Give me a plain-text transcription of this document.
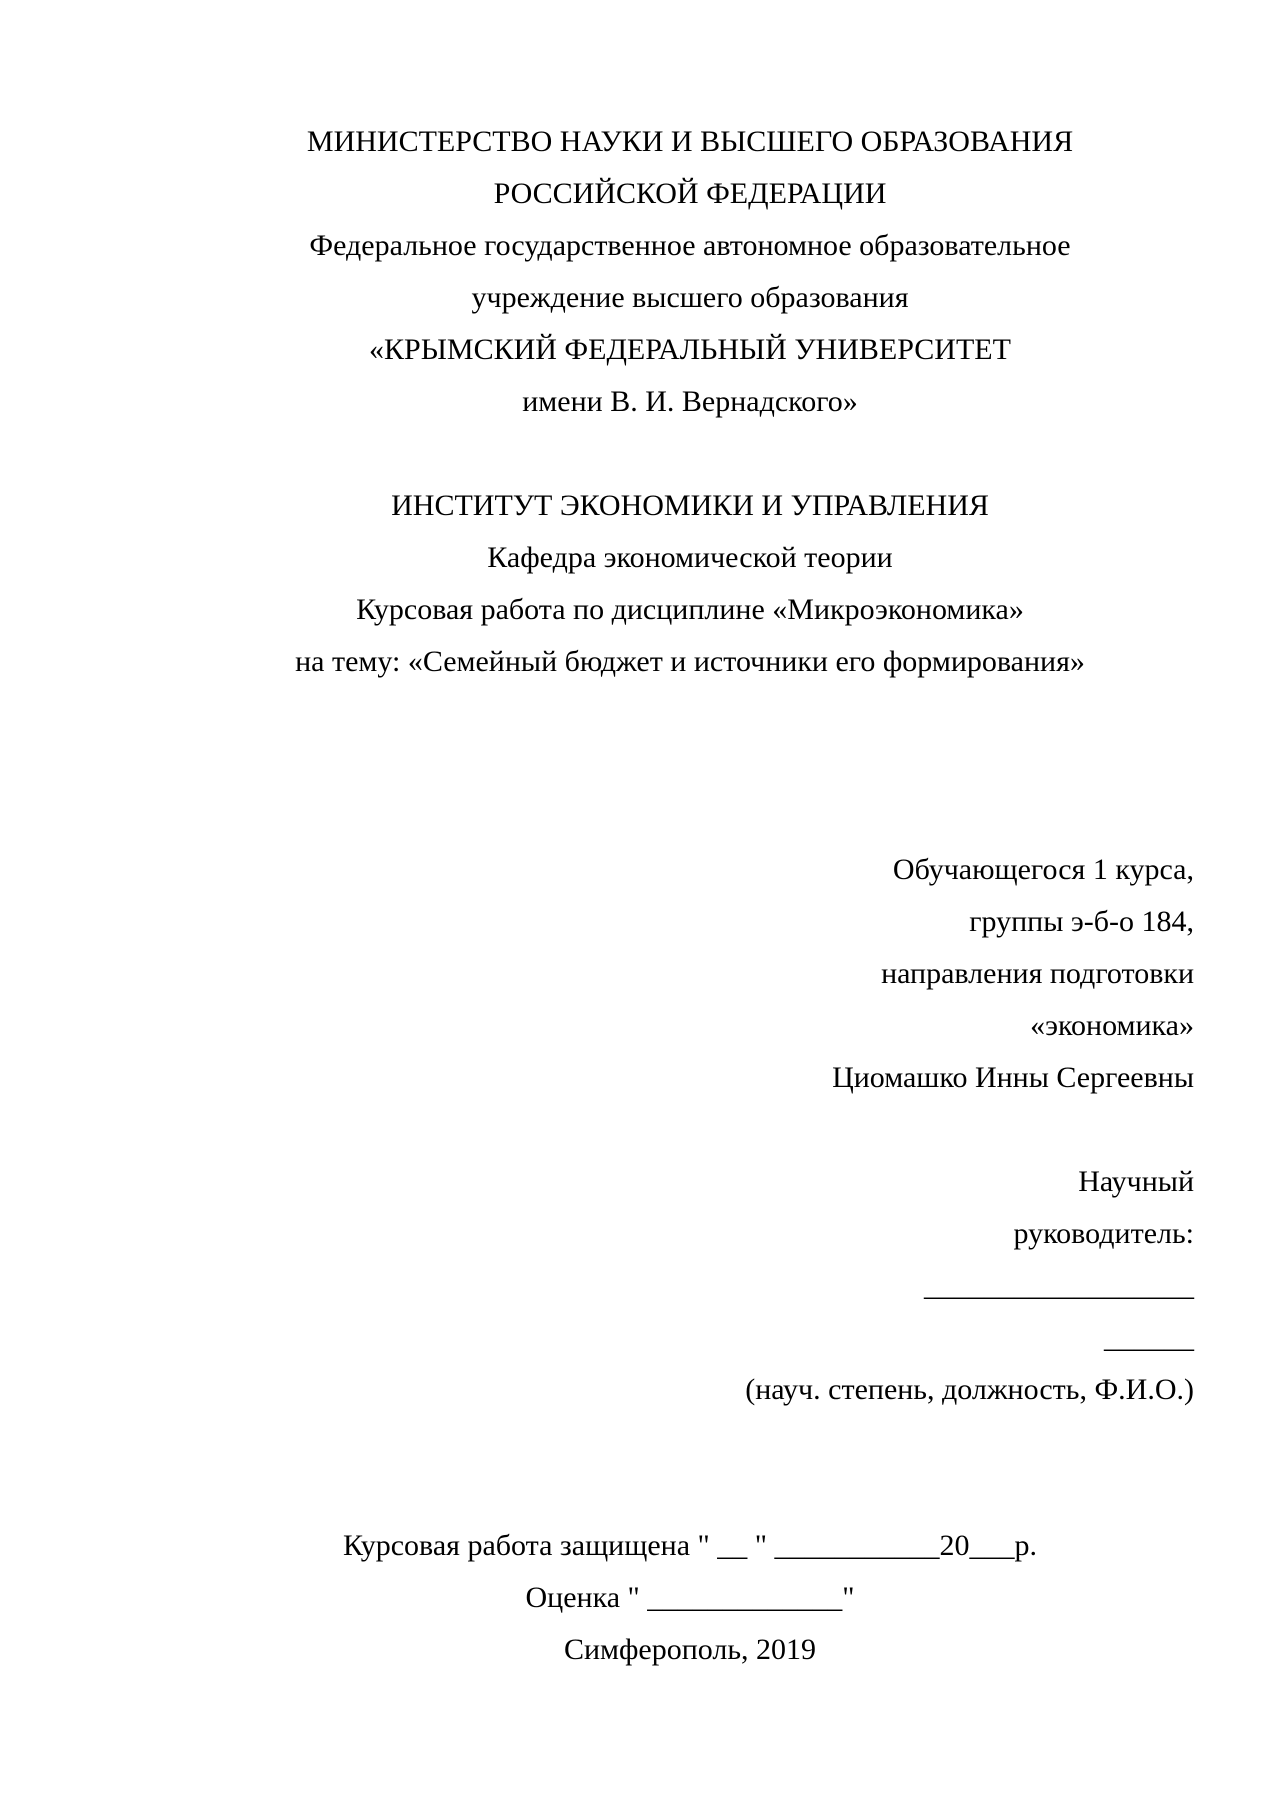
МИНИСТЕРСТВО НАУКИ И ВЫСШЕГО ОБРАЗОВАНИЯ

РОССИЙСКОЙ ФЕДЕРАЦИИ

Федеральное государственное автономное образовательное

учреждение высшего образования

«КРЫМСКИЙ ФЕДЕРАЛЬНЫЙ УНИВЕРСИТЕТ

имени В. И. Вернадского»

ИНСТИТУТ ЭКОНОМИКИ И УПРАВЛЕНИЯ

Кафедра экономической теории

Курсовая работа по дисциплине «Микроэкономика»

на тему: «Семейный бюджет и источники его формирования»

Обучающегося 1 курса,

группы э-б-о 184,

направления подготовки

«экономика»

Циомашко Инны Сергеевны

Научный

руководитель:

__________________

______

(науч. степень, должность, Ф.И.О.)

Курсовая работа защищена " __ " ___________20___р.

Оценка " _____________"

Симферополь, 2019
